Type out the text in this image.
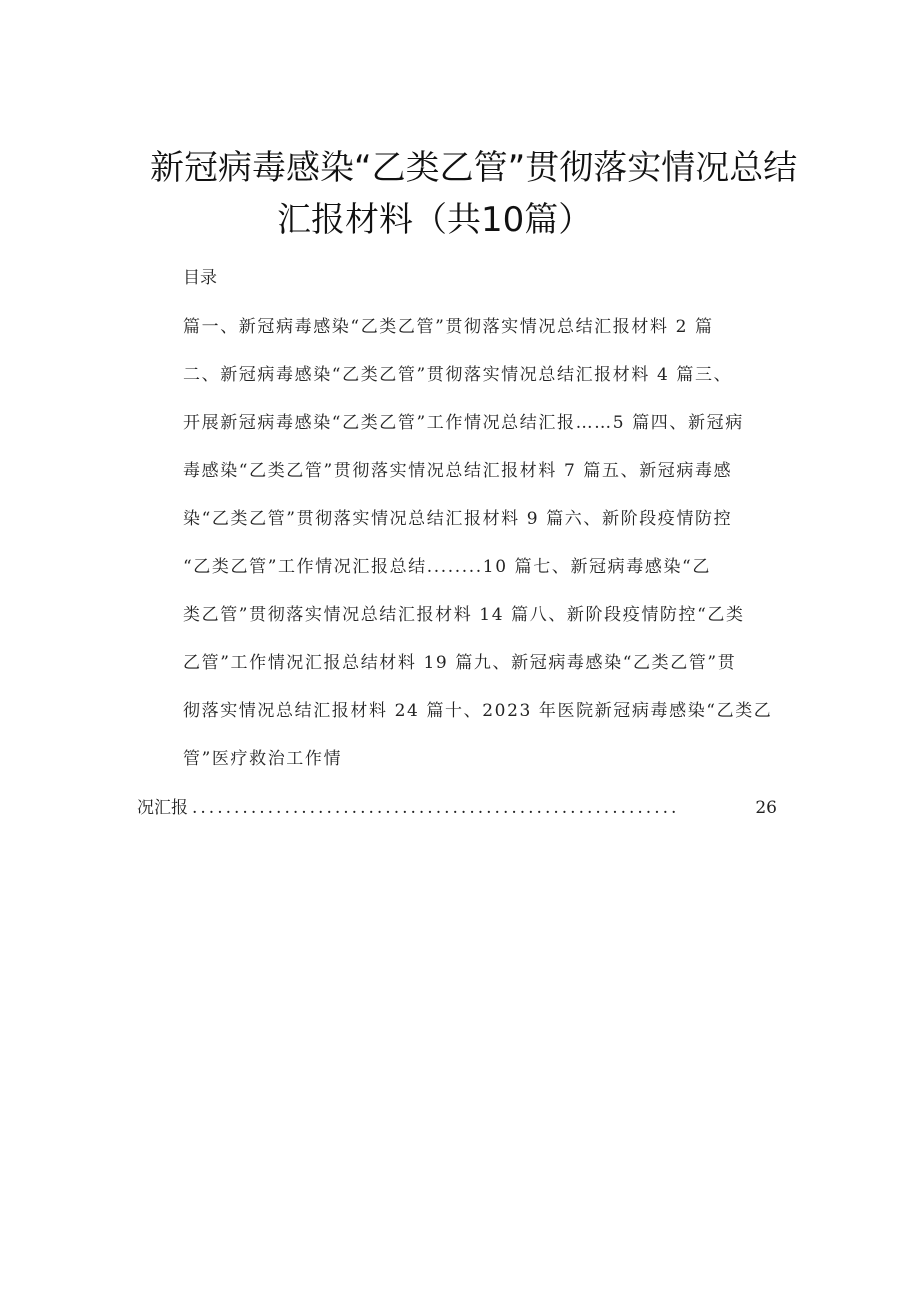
新冠病毒感染“乙类乙管”贯彻落实情况总结
汇报材料（共10篇）
目录
篇一、新冠病毒感染“乙类乙管”贯彻落实情况总结汇报材料 2 篇
二、新冠病毒感染“乙类乙管”贯彻落实情况总结汇报材料 4 篇三、
开展新冠病毒感染“乙类乙管”工作情况总结汇报……5 篇四、新冠病
毒感染“乙类乙管”贯彻落实情况总结汇报材料 7 篇五、新冠病毒感
染“乙类乙管”贯彻落实情况总结汇报材料 9 篇六、新阶段疫情防控
“乙类乙管”工作情况汇报总结........10 篇七、新冠病毒感染“乙
类乙管”贯彻落实情况总结汇报材料 14 篇八、新阶段疫情防控“乙类
乙管”工作情况汇报总结材料 19 篇九、新冠病毒感染“乙类乙管”贯
彻落实情况总结汇报材料 24 篇十、2023 年医院新冠病毒感染“乙类乙
管”医疗救治工作情
况汇报 ..........................................................	26
